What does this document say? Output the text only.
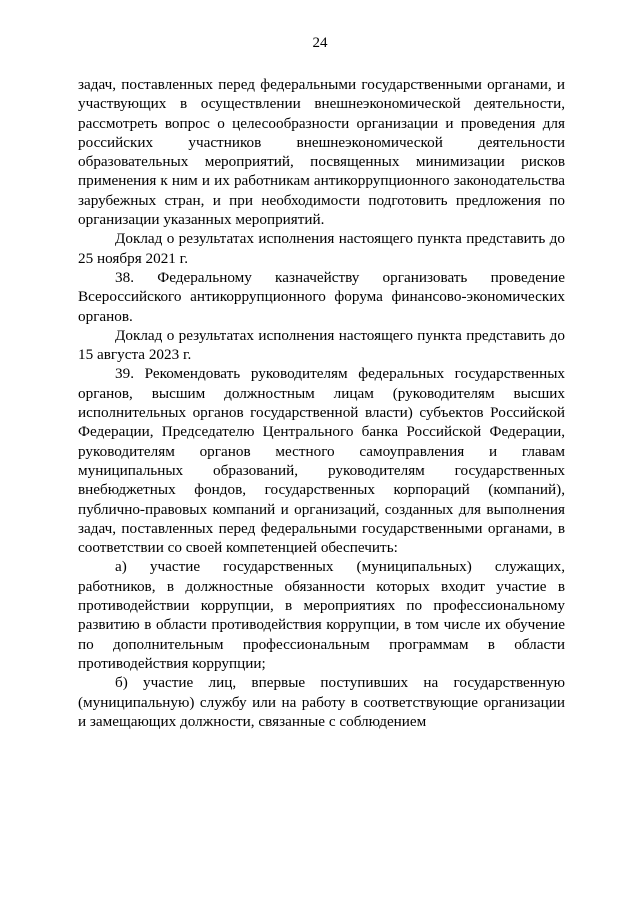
24

задач, поставленных перед федеральными государственными органами, и участвующих в осуществлении внешнеэкономической деятельности, рассмотреть вопрос о целесообразности организации и проведения для российских участников внешнеэкономической деятельности образовательных мероприятий, посвященных минимизации рисков применения к ним и их работникам антикоррупционного законодательства зарубежных стран, и при необходимости подготовить предложения по организации указанных мероприятий.

Доклад о результатах исполнения настоящего пункта представить до 25 ноября 2021 г.

38. Федеральному казначейству организовать проведение Всероссийского антикоррупционного форума финансово-экономических органов.

Доклад о результатах исполнения настоящего пункта представить до 15 августа 2023 г.

39. Рекомендовать руководителям федеральных государственных органов, высшим должностным лицам (руководителям высших исполнительных органов государственной власти) субъектов Российской Федерации, Председателю Центрального банка Российской Федерации, руководителям органов местного самоуправления и главам муниципальных образований, руководителям государственных внебюджетных фондов, государственных корпораций (компаний), публично-правовых компаний и организаций, созданных для выполнения задач, поставленных перед федеральными государственными органами, в соответствии со своей компетенцией обеспечить:

а) участие государственных (муниципальных) служащих, работников, в должностные обязанности которых входит участие в противодействии коррупции, в мероприятиях по профессиональному развитию в области противодействия коррупции, в том числе их обучение по дополнительным профессиональным программам в области противодействия коррупции;

б) участие лиц, впервые поступивших на государственную (муниципальную) службу или на работу в соответствующие организации и замещающих должности, связанные с соблюдением
